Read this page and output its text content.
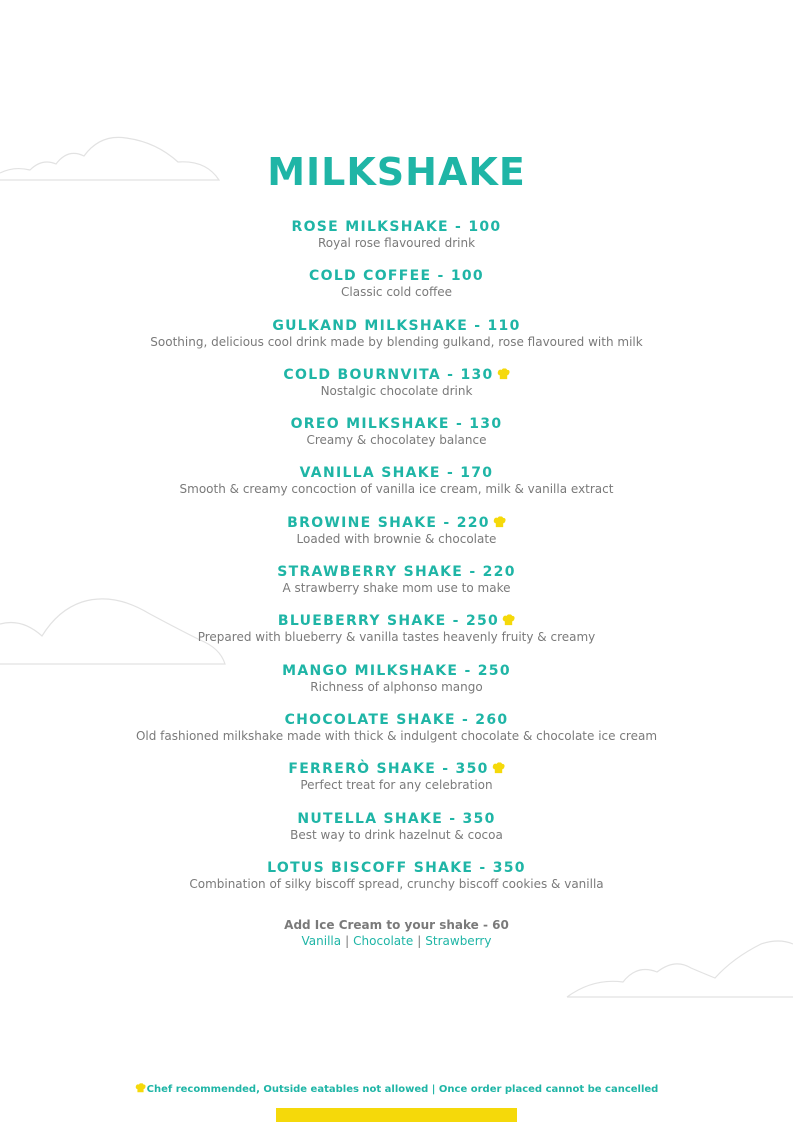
MILKSHAKE
ROSE MILKSHAKE - 100
Royal rose flavoured drink
COLD COFFEE - 100
Classic cold coffee
GULKAND MILKSHAKE - 110
Soothing, delicious cool drink made by blending gulkand, rose flavoured with milk
COLD BOURNVITA - 130
Nostalgic chocolate drink
OREO MILKSHAKE - 130
Creamy & chocolatey balance
VANILLA SHAKE - 170
Smooth & creamy concoction of vanilla ice cream, milk & vanilla extract
BROWINE SHAKE - 220
Loaded with brownie & chocolate
STRAWBERRY SHAKE - 220
A strawberry shake mom use to make
BLUEBERRY SHAKE - 250
Prepared with blueberry & vanilla tastes heavenly fruity & creamy
MANGO MILKSHAKE - 250
Richness of alphonso mango
CHOCOLATE SHAKE - 260
Old fashioned milkshake made with thick & indulgent chocolate & chocolate ice cream
FERRERÒ SHAKE - 350
Perfect treat for any celebration
NUTELLA SHAKE - 350
Best way to drink hazelnut & cocoa
LOTUS BISCOFF SHAKE - 350
Combination of silky biscoff spread, crunchy biscoff cookies & vanilla
Add Ice Cream to your shake - 60
Vanilla | Chocolate | Strawberry
Chef recommended, Outside eatables not allowed | Once order placed cannot be cancelled
